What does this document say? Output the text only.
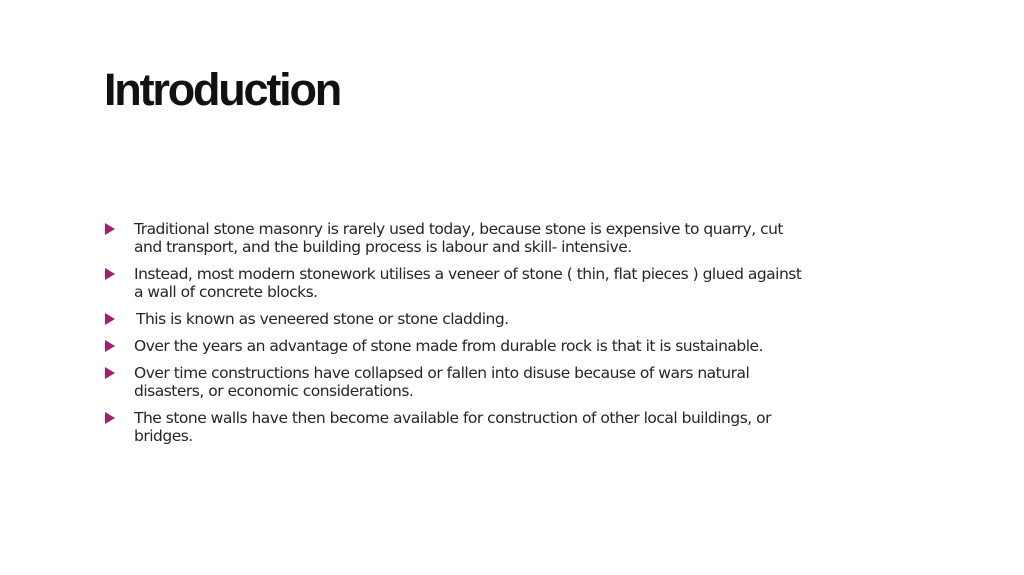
Introduction
Traditional stone masonry is rarely used today, because stone is expensive to quarry, cut and transport, and the building process is labour and skill- intensive.
Instead, most modern stonework utilises a veneer of stone ( thin, flat pieces ) glued against a wall of concrete blocks.
This is known as veneered stone or stone cladding.
Over the years an advantage of stone made from durable rock is that it is sustainable.
Over time constructions have collapsed or fallen into disuse because of wars natural disasters, or economic considerations.
The stone walls have then become available for construction of other local buildings, or bridges.
